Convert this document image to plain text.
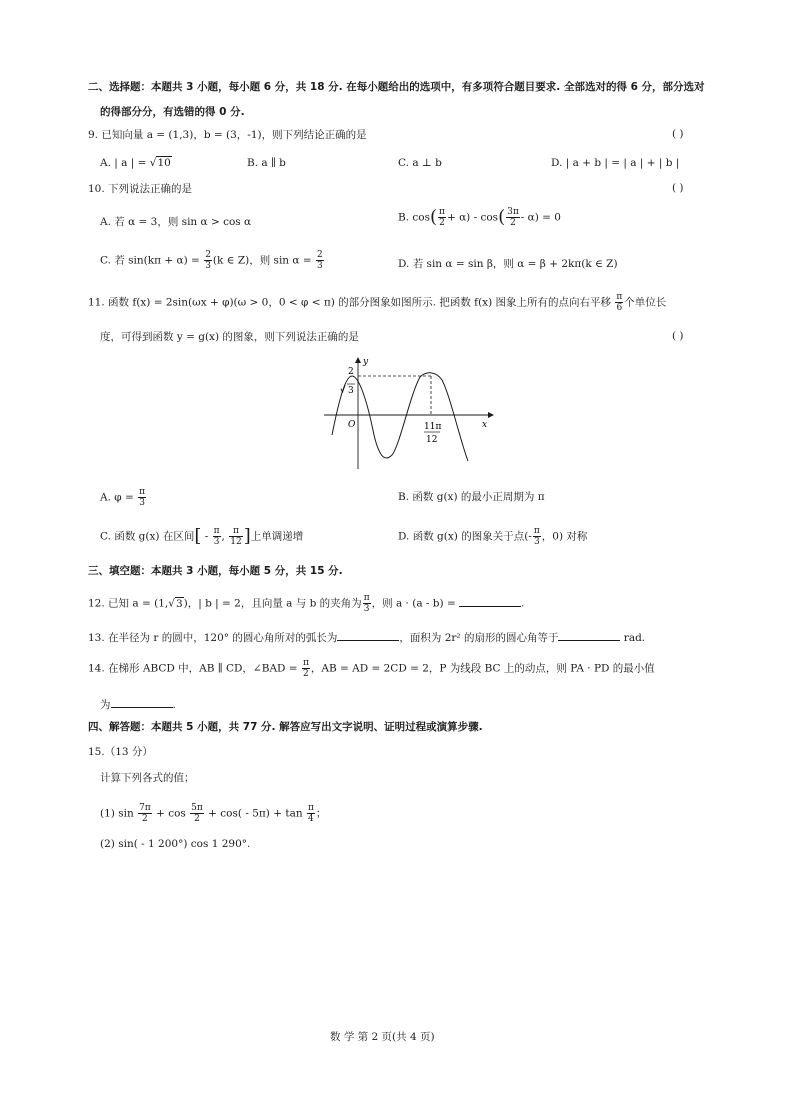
二、选择题：本题共 3 小题，每小题 6 分，共 18 分. 在每小题给出的选项中，有多项符合题目要求. 全部选对的得 6 分，部分选对
的得部分分，有选错的得 0 分.
9. 已知向量 a = (1,3)，b = (3，-1)，则下列结论正确的是	( )
A. | a | = √10	B. a ∥ b	C. a ⊥ b	D. | a + b | = | a | + | b |
10. 下列说法正确的是	( )
A. 若 α = 3，则 sin α > cos α	B. $\cos( \frac{\pi}{2} + \alpha) - \cos( \frac{3\pi}{2} - \alpha) = 0$
C. 若 $\sin(k\pi + \alpha) = \frac{2}{3} (k$ ∈ Z)，则 $\sin \alpha = \frac{2}{3}$	D. 若 sin α = sin β，则 α = β + 2kπ(k ∈ Z)
11. 函数 f(x) = 2sin(ωx + φ)(ω > 0，0 < φ < π) 的部分图象如图所示. 把函数 f(x) 图象上所有的点向右平移 $\frac{\pi}{6}$ 个单位长
度，可得到函数 y = g(x) 的图象，则下列说法正确的是	( )
y
x
O
2
√ 3
11π
12
A. $\varphi = \frac{\pi}{3}$	B. 函数 g(x) 的最小正周期为 π
C. 函数 g(x) 在区间[ - $\frac{\pi}{3}$ , $\frac{\pi}{12}$ ]上单调递增	D. 函数 g(x) 的图象关于点(- $\frac{\pi}{3}$ ，0) 对称
三、填空题：本题共 3 小题，每小题 5 分，共 15 分.
12. 已知 a = (1,√3)，| b | = 2，且向量 a 与 b 的夹角为 $\frac{\pi}{3}$ ，则 a · (a - b) =	.
13. 在半径为 r 的圆中，120° 的圆心角所对的弧长为	，面积为 2r² 的扇形的圆心角等于	rad.
14. 在梯形 ABCD 中，AB ∥ CD，∠BAD = $\frac{\pi}{2}$ ，AB = AD = 2CD = 2，P 为线段 BC 上的动点，则 PA · PD 的最小值
为	.
四、解答题：本题共 5 小题，共 77 分. 解答应写出文字说明、证明过程或演算步骤.
15.（13 分）
计算下列各式的值；
(1) $\sin \frac{7\pi}{2} + \cos \frac{5\pi}{2} + \cos( - 5\pi) + \tan \frac{\pi}{4}$ ；
(2) sin( - 1 200°) cos 1 290°.
数 学 第 2 页(共 4 页)
